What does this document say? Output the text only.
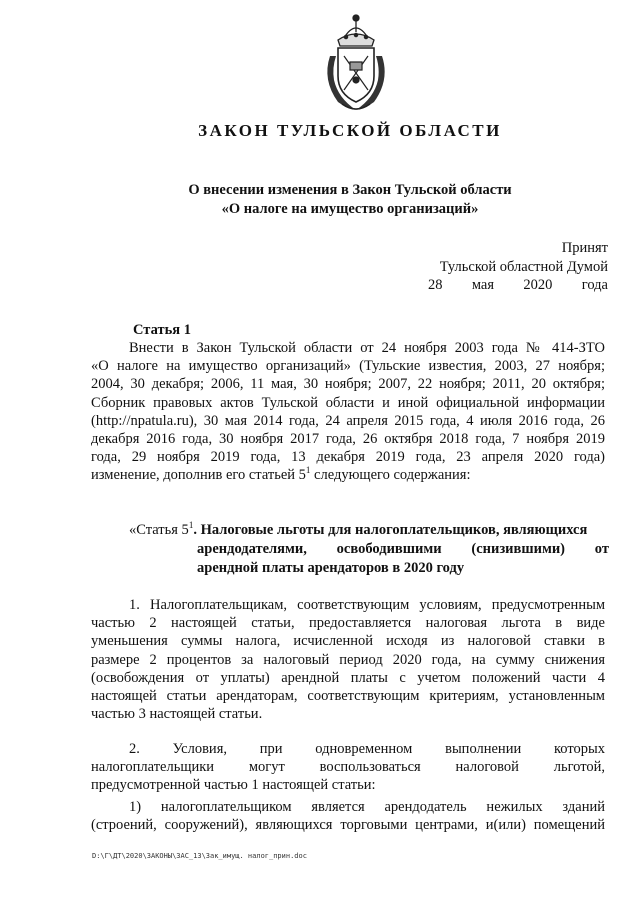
ЗАКОН ТУЛЬСКОЙ ОБЛАСТИ
О внесении изменения в Закон Тульской области
«О налоге на имущество организаций»
Принят
Тульской областной Думой
28 мая 2020 года
Статья 1
Внести в Закон Тульской области от 24 ноября 2003 года № 414-ЗТО
«О налоге на имущество организаций» (Тульские известия, 2003, 27 ноября;
2004, 30 декабря; 2006, 11 мая, 30 ноября; 2007, 22 ноября; 2011, 20 октября;
Сборник правовых актов Тульской области и иной официальной информации
(http://npatula.ru), 30 мая 2014 года, 24 апреля 2015 года, 4 июля 2016 года, 26
декабря 2016 года, 30 ноября 2017 года, 26 октября 2018 года, 7 ноября 2019
года, 29 ноября 2019 года, 13 декабря 2019 года, 23 апреля 2020 года)
изменение, дополнив его статьей $5^1$ следующего содержания:
«Статья $5^1$. Налоговые льготы для налогоплательщиков, являющихся
арендодателями, освободившими (снизившими) от
арендной платы арендаторов в 2020 году
1. Налогоплательщикам, соответствующим условиям, предусмотренным
частью 2 настоящей статьи, предоставляется налоговая льгота в виде
уменьшения суммы налога, исчисленной исходя из налоговой ставки в
размере 2 процентов за налоговый период 2020 года, на сумму снижения
(освобождения от уплаты) арендной платы с учетом положений части 4
настоящей статьи арендаторам, соответствующим критериям, установленным
частью 3 настоящей статьи.
2. Условия, при одновременном выполнении которых
налогоплательщики могут воспользоваться налоговой льготой,
предусмотренной частью 1 настоящей статьи:
1) налогоплательщиком является арендодатель нежилых зданий
(строений, сооружений), являющихся торговыми центрами, и(или) помещений
D:\Г\ДТ\2020\ЗАКОНЫ\ЗАС_13\Зак_имущ. налог_прин.doc
